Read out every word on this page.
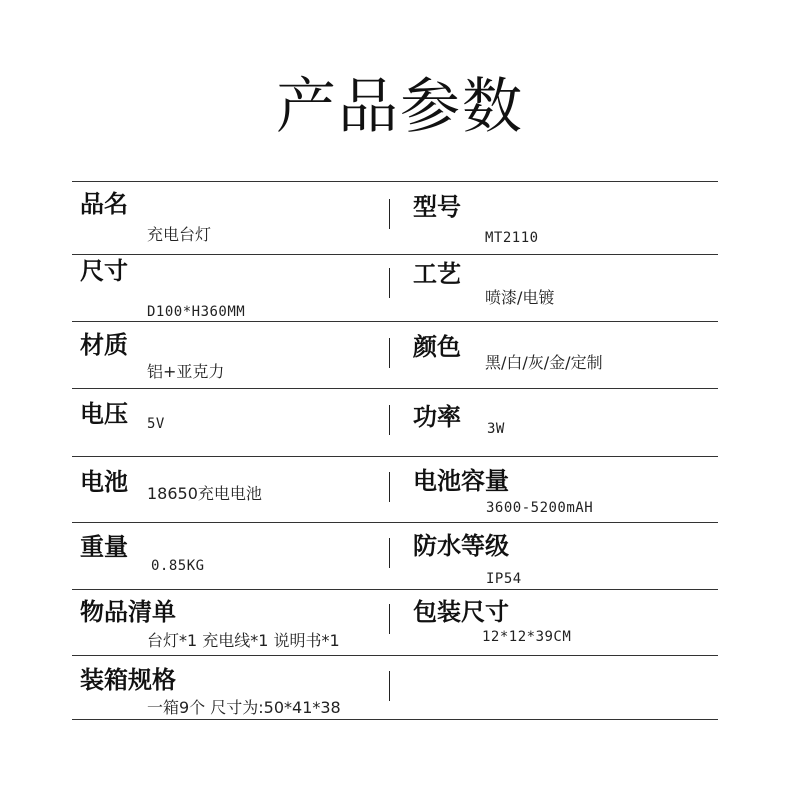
产品参数
品名
充电台灯
型号
MT2110
尺寸
D100*H360MM
工艺
喷漆/电镀
材质
铝+亚克力
颜色
黑/白/灰/金/定制
电压 5V	功率 3W
电池 18650充电电池	电池容量
3600-5200mAH
重量
0.85KG
防水等级
IP54
物品清单
台灯*1 充电线*1 说明书*1
包装尺寸
12*12*39CM
装箱规格
一箱9个 尺寸为:50*41*38
